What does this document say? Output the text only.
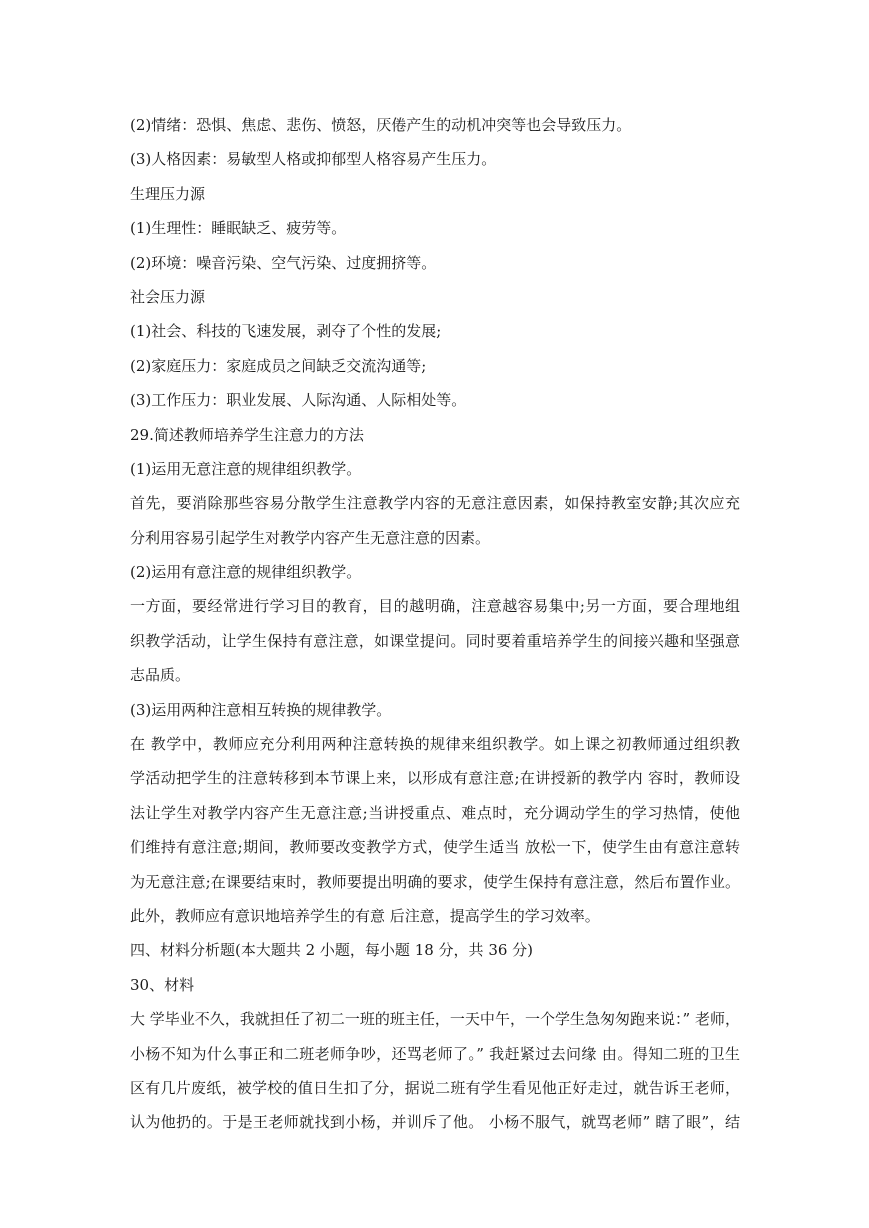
(2)情绪：恐惧、焦虑、悲伤、愤怒，厌倦产生的动机冲突等也会导致压力。
(3)人格因素：易敏型人格或抑郁型人格容易产生压力。
生理压力源
(1)生理性：睡眠缺乏、疲劳等。
(2)环境：噪音污染、空气污染、过度拥挤等。
社会压力源
(1)社会、科技的飞速发展，剥夺了个性的发展;
(2)家庭压力：家庭成员之间缺乏交流沟通等;
(3)工作压力：职业发展、人际沟通、人际相处等。
29.简述教师培养学生注意力的方法
(1)运用无意注意的规律组织教学。
首先，要消除那些容易分散学生注意教学内容的无意注意因素，如保持教室安静;其次应充
分利用容易引起学生对教学内容产生无意注意的因素。
(2)运用有意注意的规律组织教学。
一方面，要经常进行学习目的教育，目的越明确，注意越容易集中;另一方面，要合理地组
织教学活动，让学生保持有意注意，如课堂提问。同时要着重培养学生的间接兴趣和坚强意
志品质。
(3)运用两种注意相互转换的规律教学。
在 教学中，教师应充分利用两种注意转换的规律来组织教学。如上课之初教师通过组织教
学活动把学生的注意转移到本节课上来，以形成有意注意;在讲授新的教学内 容时，教师设
法让学生对教学内容产生无意注意;当讲授重点、难点时，充分调动学生的学习热情，使他
们维持有意注意;期间，教师要改变教学方式，使学生适当 放松一下，使学生由有意注意转
为无意注意;在课要结束时，教师要提出明确的要求，使学生保持有意注意，然后布置作业。
此外，教师应有意识地培养学生的有意 后注意，提高学生的学习效率。
四、材料分析题(本大题共 2 小题，每小题 18 分，共 36 分)
30、材料
大 学毕业不久，我就担任了初二一班的班主任，一天中午，一个学生急匆匆跑来说：” 老师，
小杨不知为什么事正和二班老师争吵，还骂老师了。” 我赶紧过去问缘 由。得知二班的卫生
区有几片废纸，被学校的值日生扣了分，据说二班有学生看见他正好走过，就告诉王老师，
认为他扔的。于是王老师就找到小杨，并训斥了他。 小杨不服气，就骂老师” 瞎了眼”，结
